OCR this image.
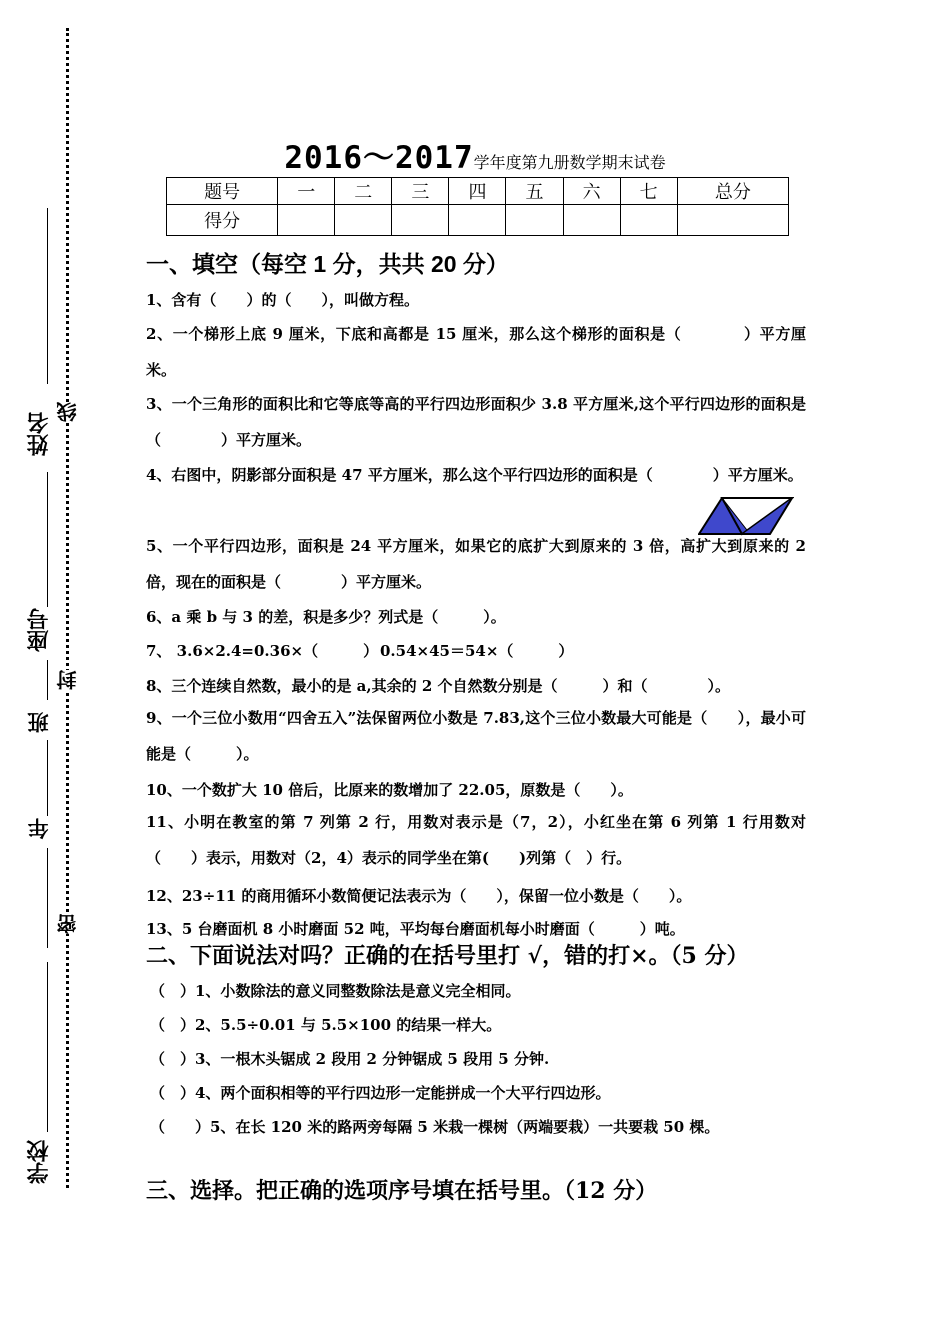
姓名
座号
班
年
学校
线
封
密
2016～2017学年度第九册数学期末试卷
题号	一	二	三	四	五	六	七	总分
得分								
一、填空（每空 1 分，共共 20 分）
1、含有（　　）的（　　），叫做方程。
2、一个梯形上底 9 厘米，下底和高都是 15 厘米，那么这个梯形的面积是（　　　　）平方厘米。
3、一个三角形的面积比和它等底等高的平行四边形面积少 3.8 平方厘米,这个平行四边形的面积是（　　　　）平方厘米。
4、右图中，阴影部分面积是 47 平方厘米，那么这个平行四边形的面积是（　　　　）平方厘米。
5、一个平行四边形，面积是 24 平方厘米，如果它的底扩大到原来的 3 倍，高扩大到原来的 2 倍，现在的面积是（　　　　）平方厘米。
6、a 乘 b 与 3 的差，积是多少？列式是（　　　）。
7、 3.6×2.4=0.36×（　　　） 0.54×45＝54×（　　　）
8、三个连续自然数，最小的是 a,其余的 2 个自然数分别是（　　　）和（　　　　）。
9、一个三位小数用“四舍五入”法保留两位小数是 7.83,这个三位小数最大可能是（　　），最小可能是（　　　）。
10、一个数扩大 10 倍后，比原来的数增加了 22.05，原数是（　　）。
11、小明在教室的第 7 列第 2 行，用数对表示是（7，2），小红坐在第 6 列第 1 行用数对（　　）表示，用数对（2，4）表示的同学坐在第(　　)列第（　）行。
12、23÷11 的商用循环小数简便记法表示为（　　），保留一位小数是（　　）。
13、5 台磨面机 8 小时磨面 52 吨，平均每台磨面机每小时磨面（　　　）吨。
二、下面说法对吗？正确的在括号里打 √，错的打×。（5 分）
（　）1、小数除法的意义同整数除法是意义完全相同。
（　）2、5.5÷0.01 与 5.5×100 的结果一样大。
（　）3、一根木头锯成 2 段用 2 分钟锯成 5 段用 5 分钟.
（　）4、两个面积相等的平行四边形一定能拼成一个大平行四边形。
（　　）5、在长 120 米的路两旁每隔 5 米栽一棵树（两端要栽）一共要栽 50 棵。
三、选择。把正确的选项序号填在括号里。（12 分）
